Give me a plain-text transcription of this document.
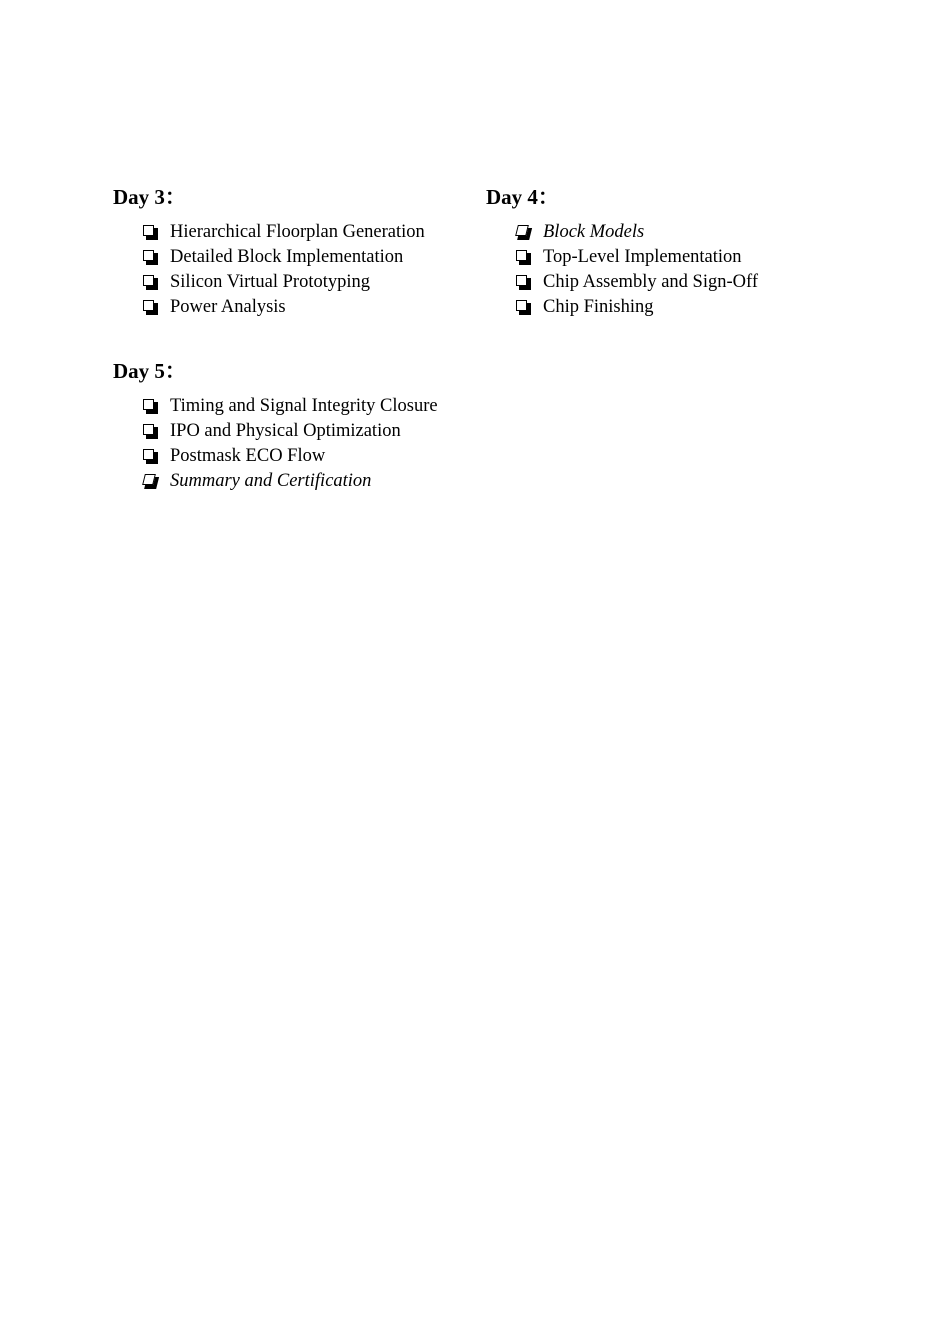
Day 3：
Hierarchical Floorplan Generation
Detailed Block Implementation
Silicon Virtual Prototyping
Power Analysis
Day 4：
Block Models
Top-Level Implementation
Chip Assembly and Sign-Off
Chip Finishing
Day 5：
Timing and Signal Integrity Closure
IPO and Physical Optimization
Postmask ECO Flow
Summary and Certification
